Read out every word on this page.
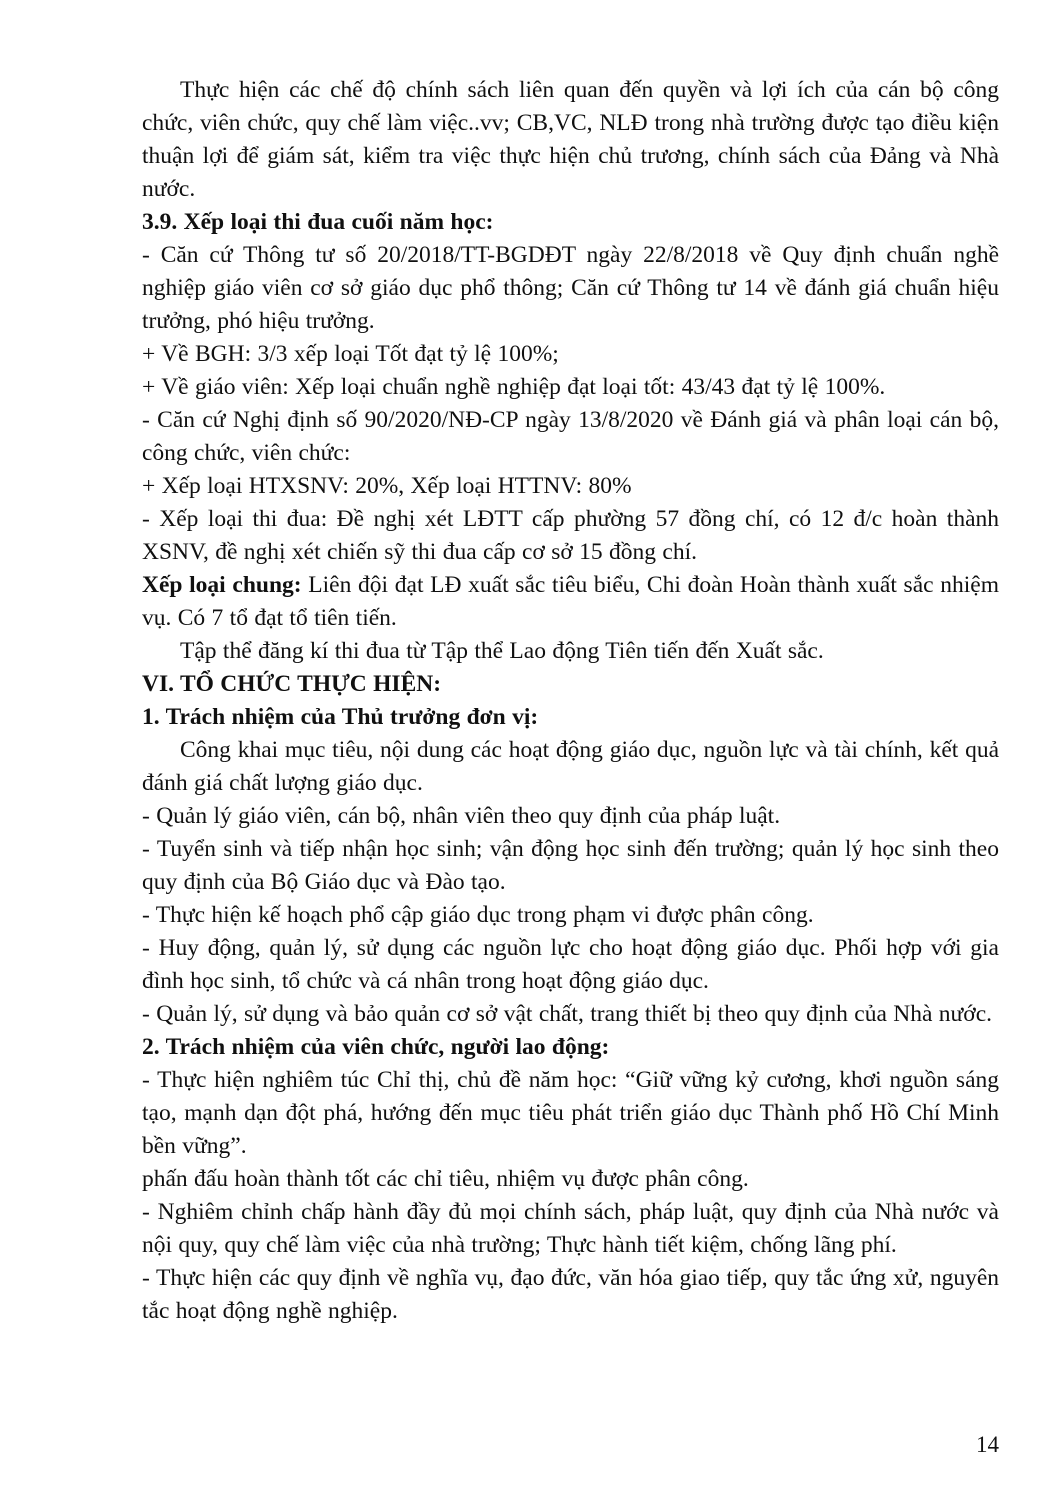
Thực hiện các chế độ chính sách liên quan đến quyền và lợi ích của cán bộ công chức, viên chức, quy chế làm việc..vv; CB,VC, NLĐ trong nhà trường được tạo điều kiện thuận lợi để giám sát, kiểm tra việc thực hiện chủ trương, chính sách của Đảng và Nhà nước.

3.9. Xếp loại thi đua cuối năm học:

- Căn cứ Thông tư số 20/2018/TT-BGDĐT ngày 22/8/2018 về Quy định chuẩn nghề nghiệp giáo viên cơ sở giáo dục phổ thông; Căn cứ Thông tư 14 về đánh giá chuẩn hiệu trưởng, phó hiệu trưởng.

+ Về BGH: 3/3 xếp loại Tốt đạt tỷ lệ 100%;

+ Về giáo viên: Xếp loại chuẩn nghề nghiệp đạt loại tốt: 43/43 đạt tỷ lệ 100%.

- Căn cứ Nghị định số 90/2020/NĐ-CP ngày 13/8/2020 về Đánh giá và phân loại cán bộ, công chức, viên chức:

+ Xếp loại HTXSNV: 20%, Xếp loại HTTNV: 80%

- Xếp loại thi đua: Đề nghị xét LĐTT cấp phường 57 đồng chí, có 12 đ/c hoàn thành XSNV, đề nghị xét chiến sỹ thi đua cấp cơ sở 15 đồng chí.

Xếp loại chung: Liên đội đạt LĐ xuất sắc tiêu biểu, Chi đoàn Hoàn thành xuất sắc nhiệm vụ. Có 7 tổ đạt tổ tiên tiến.

Tập thể đăng kí thi đua từ Tập thể Lao động Tiên tiến đến Xuất sắc.

VI. TỔ CHỨC THỰC HIỆN:

1. Trách nhiệm của Thủ trưởng đơn vị:

Công khai mục tiêu, nội dung các hoạt động giáo dục, nguồn lực và tài chính, kết quả đánh giá chất lượng giáo dục.

- Quản lý giáo viên, cán bộ, nhân viên theo quy định của pháp luật.

- Tuyển sinh và tiếp nhận học sinh; vận động học sinh đến trường; quản lý học sinh theo quy định của Bộ Giáo dục và Đào tạo.

- Thực hiện kế hoạch phổ cập giáo dục trong phạm vi được phân công.

- Huy động, quản lý, sử dụng các nguồn lực cho hoạt động giáo dục. Phối hợp với gia đình học sinh, tổ chức và cá nhân trong hoạt động giáo dục.

- Quản lý, sử dụng và bảo quản cơ sở vật chất, trang thiết bị theo quy định của Nhà nước.

2. Trách nhiệm của viên chức, người lao động:

- Thực hiện nghiêm túc Chỉ thị, chủ đề năm học: “Giữ vững kỷ cương, khơi nguồn sáng tạo, mạnh dạn đột phá, hướng đến mục tiêu phát triển giáo dục Thành phố Hồ Chí Minh bền vững”.

phấn đấu hoàn thành tốt các chỉ tiêu, nhiệm vụ được phân công.

- Nghiêm chỉnh chấp hành đầy đủ mọi chính sách, pháp luật, quy định của Nhà nước và nội quy, quy chế làm việc của nhà trường; Thực hành tiết kiệm, chống lãng phí.

- Thực hiện các quy định về nghĩa vụ, đạo đức, văn hóa giao tiếp, quy tắc ứng xử, nguyên tắc hoạt động nghề nghiệp.

14
